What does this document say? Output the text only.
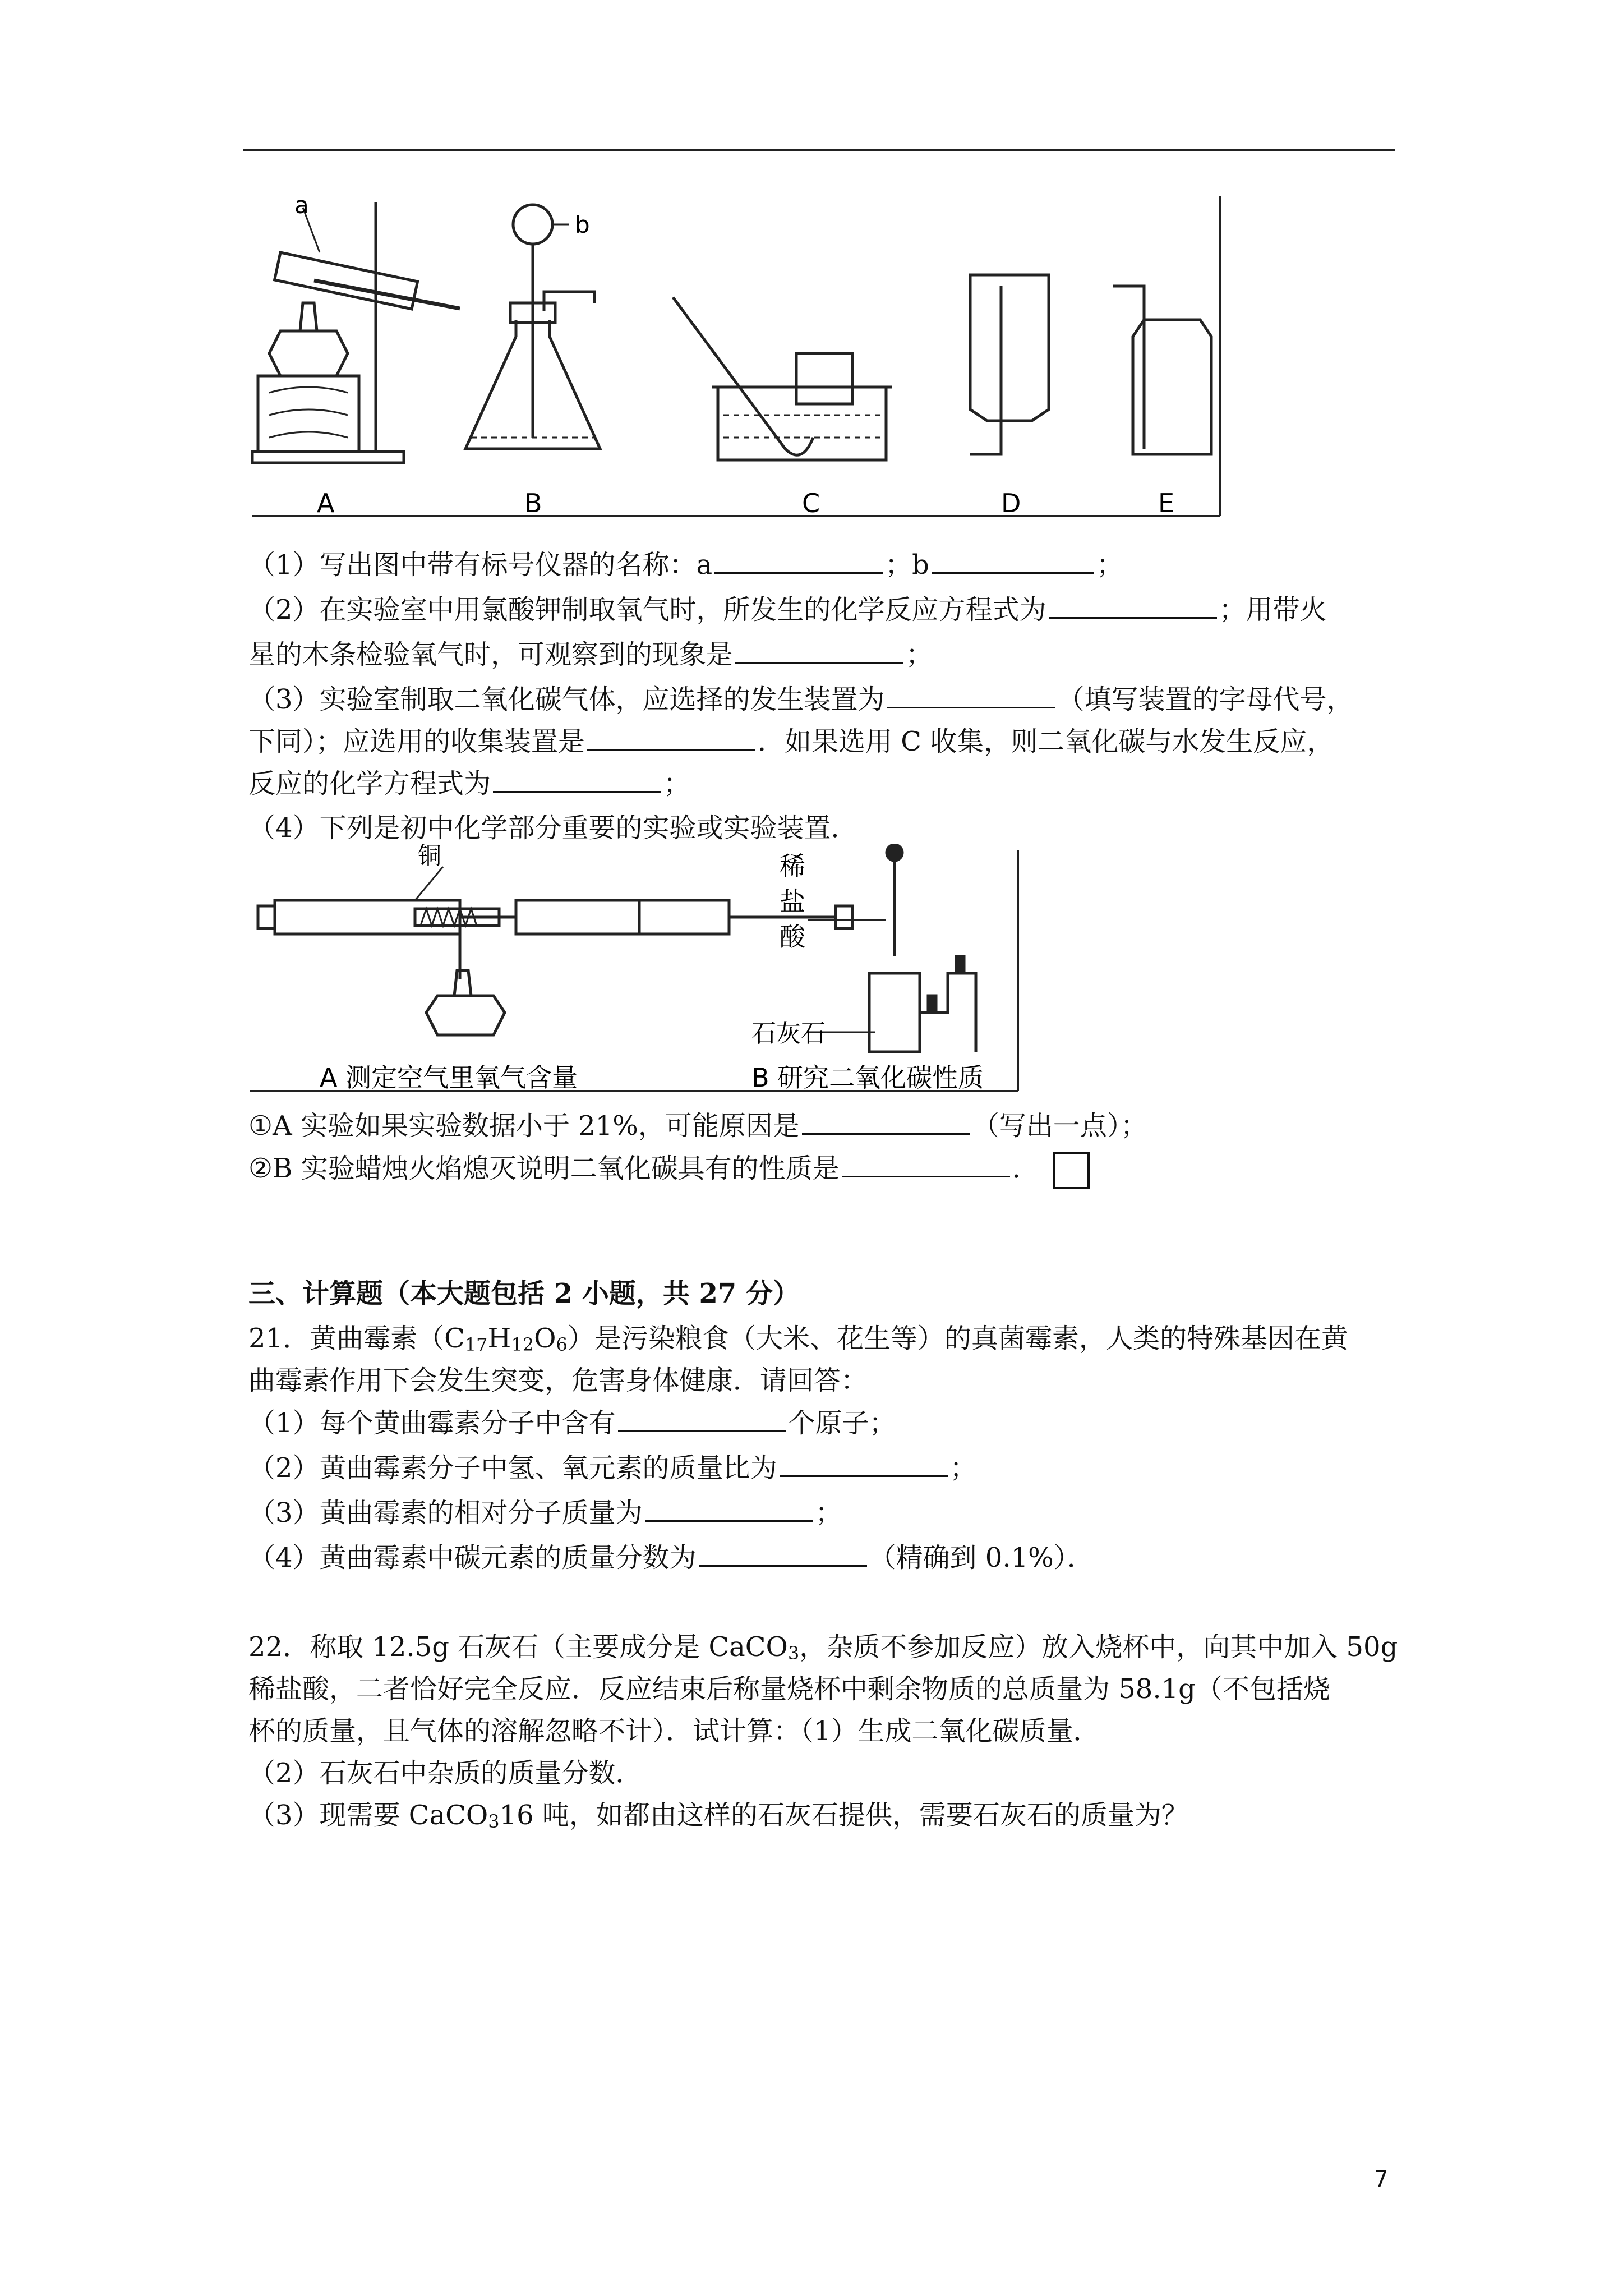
a
b
A	B	C	D	E
（1）写出图中带有标号仪器的名称：a	；b	；
（2）在实验室中用氯酸钾制取氧气时，所发生的化学反应方程式为	；用带火
星的木条检验氧气时，可观察到的现象是	；
（3）实验室制取二氧化碳气体，应选择的发生装置为	（填写装置的字母代号，
下同）；应选用的收集装置是	．如果选用 C 收集，则二氧化碳与水发生反应，
反应的化学方程式为	；
（4）下列是初中化学部分重要的实验或实验装置．
铜	稀
盐
酸
石灰石
A 测定空气里氧气含量	B 研究二氧化碳性质
①A 实验如果实验数据小于 21%，可能原因是	（写出一点）；
②B 实验蜡烛火焰熄灭说明二氧化碳具有的性质是	．
三、计算题（本大题包括 2 小题，共 27 分）
21．黄曲霉素（C17H12O6）是污染粮食（大米、花生等）的真菌霉素，人类的特殊基因在黄
曲霉素作用下会发生突变，危害身体健康．请回答：
（1）每个黄曲霉素分子中含有	个原子；
（2）黄曲霉素分子中氢、氧元素的质量比为	；
（3）黄曲霉素的相对分子质量为	；
（4）黄曲霉素中碳元素的质量分数为	（精确到 0.1%）．
22．称取 12.5g 石灰石（主要成分是 CaCO3，杂质不参加反应）放入烧杯中，向其中加入 50g
稀盐酸，二者恰好完全反应．反应结束后称量烧杯中剩余物质的总质量为 58.1g（不包括烧
杯的质量，且气体的溶解忽略不计）．试计算：（1）生成二氧化碳质量．
（2）石灰石中杂质的质量分数．
（3）现需要 CaCO316 吨，如都由这样的石灰石提供，需要石灰石的质量为？
7
